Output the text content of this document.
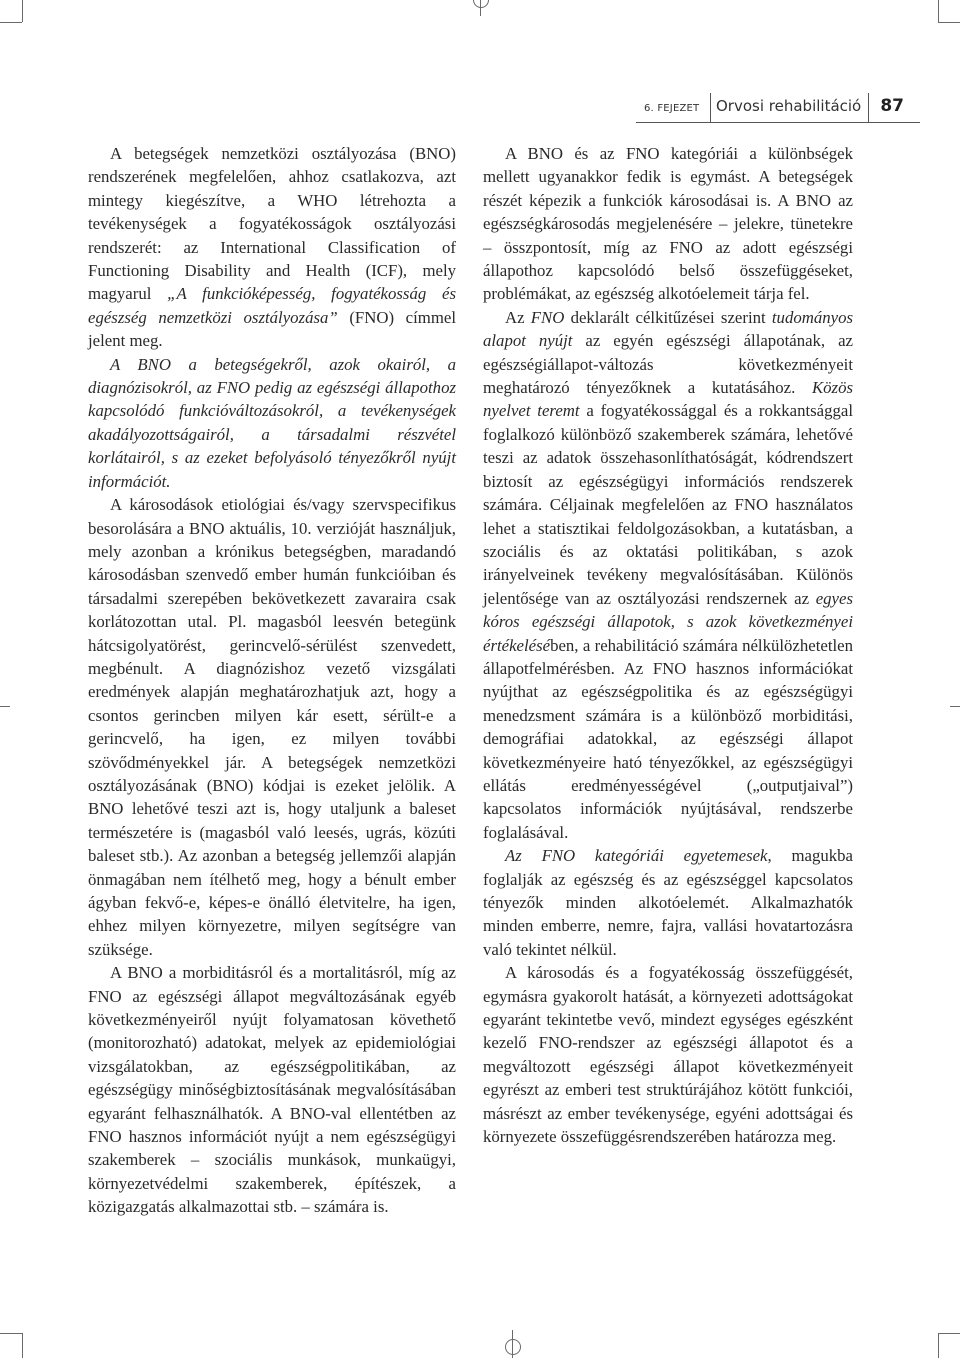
6. FEJEZET Orvosi rehabilitáció 87

A betegségek nemzetközi osztályozása (BNO) rendszerének megfelelően, ahhoz csatlakozva, azt mintegy kiegészítve, a WHO létrehozta a tevékenységek a fogyatékosságok osztályozási rendszerét: az International Classification of Functioning Disability and Health (ICF), mely magyarul „A funkcióképesség, fogyatékosság és egészség nemzetközi osztályozása” (FNO) címmel jelent meg.

A BNO a betegségekről, azok okairól, a diagnózisokról, az FNO pedig az egészségi állapothoz kapcsolódó funkcióváltozásokról, a tevékenységek akadályozottságairól, a társadalmi részvétel korlátairól, s az ezeket befolyásoló tényezőkről nyújt információt.

A károsodások etiológiai és/vagy szervspecifikus besorolására a BNO aktuális, 10. verzióját használjuk, mely azonban a krónikus betegségben, maradandó károsodásban szenvedő ember humán funkcióiban és társadalmi szerepében bekövetkezett zavaraira csak korlátozottan utal. Pl. magasból leesvén betegünk hátcsigolyatörést, gerincvelő-sérülést szenvedett, megbénult. A diagnózishoz vezető vizsgálati eredmények alapján meghatározhatjuk azt, hogy a csontos gerincben milyen kár esett, sérült-e a gerincvelő, ha igen, ez milyen további szövődményekkel jár. A betegségek nemzetközi osztályozásának (BNO) kódjai is ezeket jelölik. A BNO lehetővé teszi azt is, hogy utaljunk a baleset természetére is (magasból való leesés, ugrás, közúti baleset stb.). Az azonban a betegség jellemzői alapján önmagában nem ítélhető meg, hogy a bénult ember ágyban fekvő-e, képes-e önálló életvitelre, ha igen, ehhez milyen környezetre, milyen segítségre van szüksége.

A BNO a morbiditásról és a mortalitásról, míg az FNO az egészségi állapot megváltozásának egyéb következményeiről nyújt folyamatosan követhető (monitorozható) adatokat, melyek az epidemiológiai vizsgálatokban, az egészségpolitikában, az egészségügy minőségbiztosításának megvalósításában egyaránt felhasználhatók. A BNO-val ellentétben az FNO hasznos információt nyújt a nem egészségügyi szakemberek – szociális munkások, munkaügyi, környezetvédelmi szakemberek, építészek, a közigazgatás alkalmazottai stb. – számára is.

A BNO és az FNO kategóriái a különbségek mellett ugyanakkor fedik is egymást. A betegségek részét képezik a funkciók károsodásai is. A BNO az egészségkárosodás megjelenésére – jelekre, tünetekre – összpontosít, míg az FNO az adott egészségi állapothoz kapcsolódó belső összefüggéseket, problémákat, az egészség alkotóelemeit tárja fel.

Az FNO deklarált célkitűzései szerint tudományos alapot nyújt az egyén egészségi állapotának, az egészségiállapot-változás következményeit meghatározó tényezőknek a kutatásához. Közös nyelvet teremt a fogyatékossággal és a rokkantsággal foglalkozó különböző szakemberek számára, lehetővé teszi az adatok összehasonlíthatóságát, kódrendszert biztosít az egészségügyi információs rendszerek számára. Céljainak megfelelően az FNO használatos lehet a statisztikai feldolgozásokban, a kutatásban, a szociális és az oktatási politikában, s azok irányelveinek tevékeny megvalósításában. Különös jelentősége van az osztályozási rendszernek az egyes kóros egészségi állapotok, s azok következményei értékelésében, a rehabilitáció számára nélkülözhetetlen állapotfelmérésben. Az FNO hasznos információkat nyújthat az egészségpolitika és az egészségügyi menedzsment számára is a különböző morbiditási, demográfiai adatokkal, az egészségi állapot következményeire ható tényezőkkel, az egészségügyi ellátás eredményességével („outputjaival”) kapcsolatos információk nyújtásával, rendszerbe foglalásával.

Az FNO kategóriái egyetemesek, magukba foglalják az egészség és az egészséggel kapcsolatos tényezők minden alkotóelemét. Alkalmazhatók minden emberre, nemre, fajra, vallási hovatartozásra való tekintet nélkül.

A károsodás és a fogyatékosság összefüggését, egymásra gyakorolt hatását, a környezeti adottságokat egyaránt tekintetbe vevő, mindezt egységes egészként kezelő FNO-rendszer az egészségi állapotot és a megváltozott egészségi állapot következményeit egyrészt az emberi test struktúrájához kötött funkciói, másrészt az ember tevékenysége, egyéni adottságai és környezete összefüggésrendszerében határozza meg.
